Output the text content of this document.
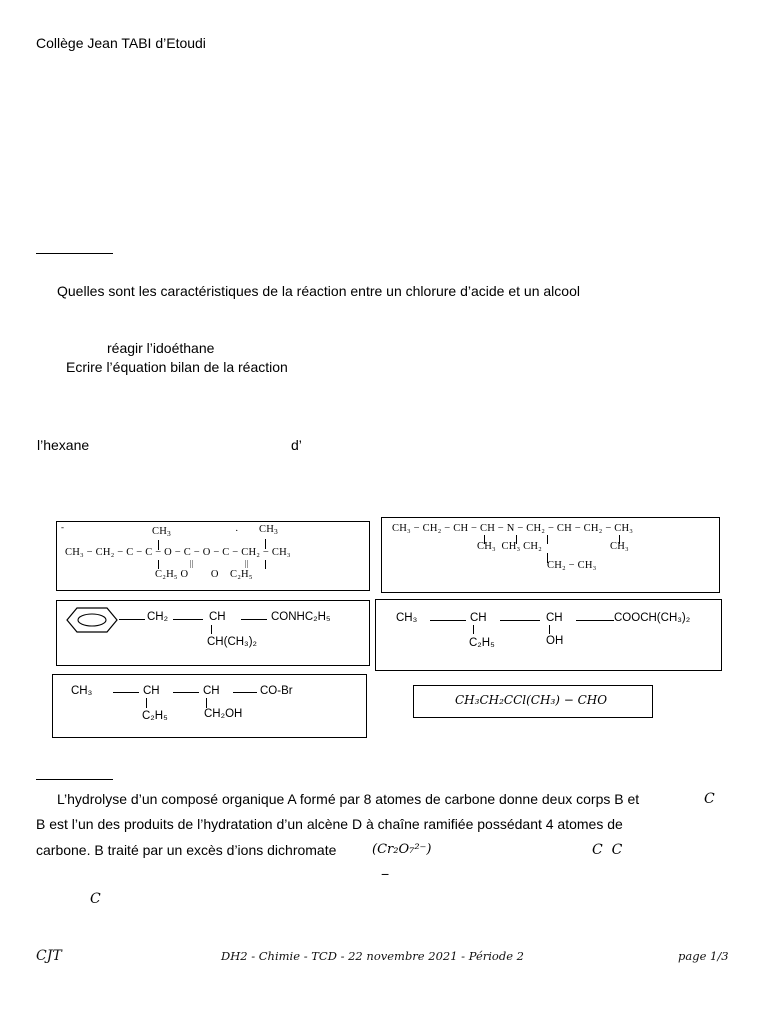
Collège Jean TABI d’Etoudi
Quelles sont les caractéristiques de la réaction entre un chlorure d’acide et un alcool
réagir l’idoéthane
Ecrire l’équation bilan de la réaction
l’hexane	d’
-	$CH_3$	· $CH_3$
CH₃ − CH₂ − C − C − O − C − O − C − CH₂ − CH₃
||	||
C₂H₅ O        O    C₂H₅
CH₃ − CH₂ − CH − CH − N − CH₂ − CH − CH₂ − CH₃
CH₃  CH₃ CH₂	CH₃
CH₂ − CH₃
CH₂	CH	CONHC₂H₅
CH(CH₃)₂
CH₃	CH	CH	COOCH(CH₃)₂
C₂H₅	OH
CH₃	CH	CH	CO-Br
C₂H₅	CH₂OH
CH₃CH₂CCl(CH₃) − CHO
L’hydrolyse d’un composé organique A formé par 8 atomes de carbone donne deux corps B et	C
B est l’un des produits de l’hydratation d’un alcène D à chaîne ramifiée possédant 4 atomes de
carbone. B traité par un excès d’ions dichromate	(Cr₂O₇²⁻)	C  C
−
C
CJT	DH2 - Chimie - TCD - 22 novembre 2021 - Période 2	page 1/3
